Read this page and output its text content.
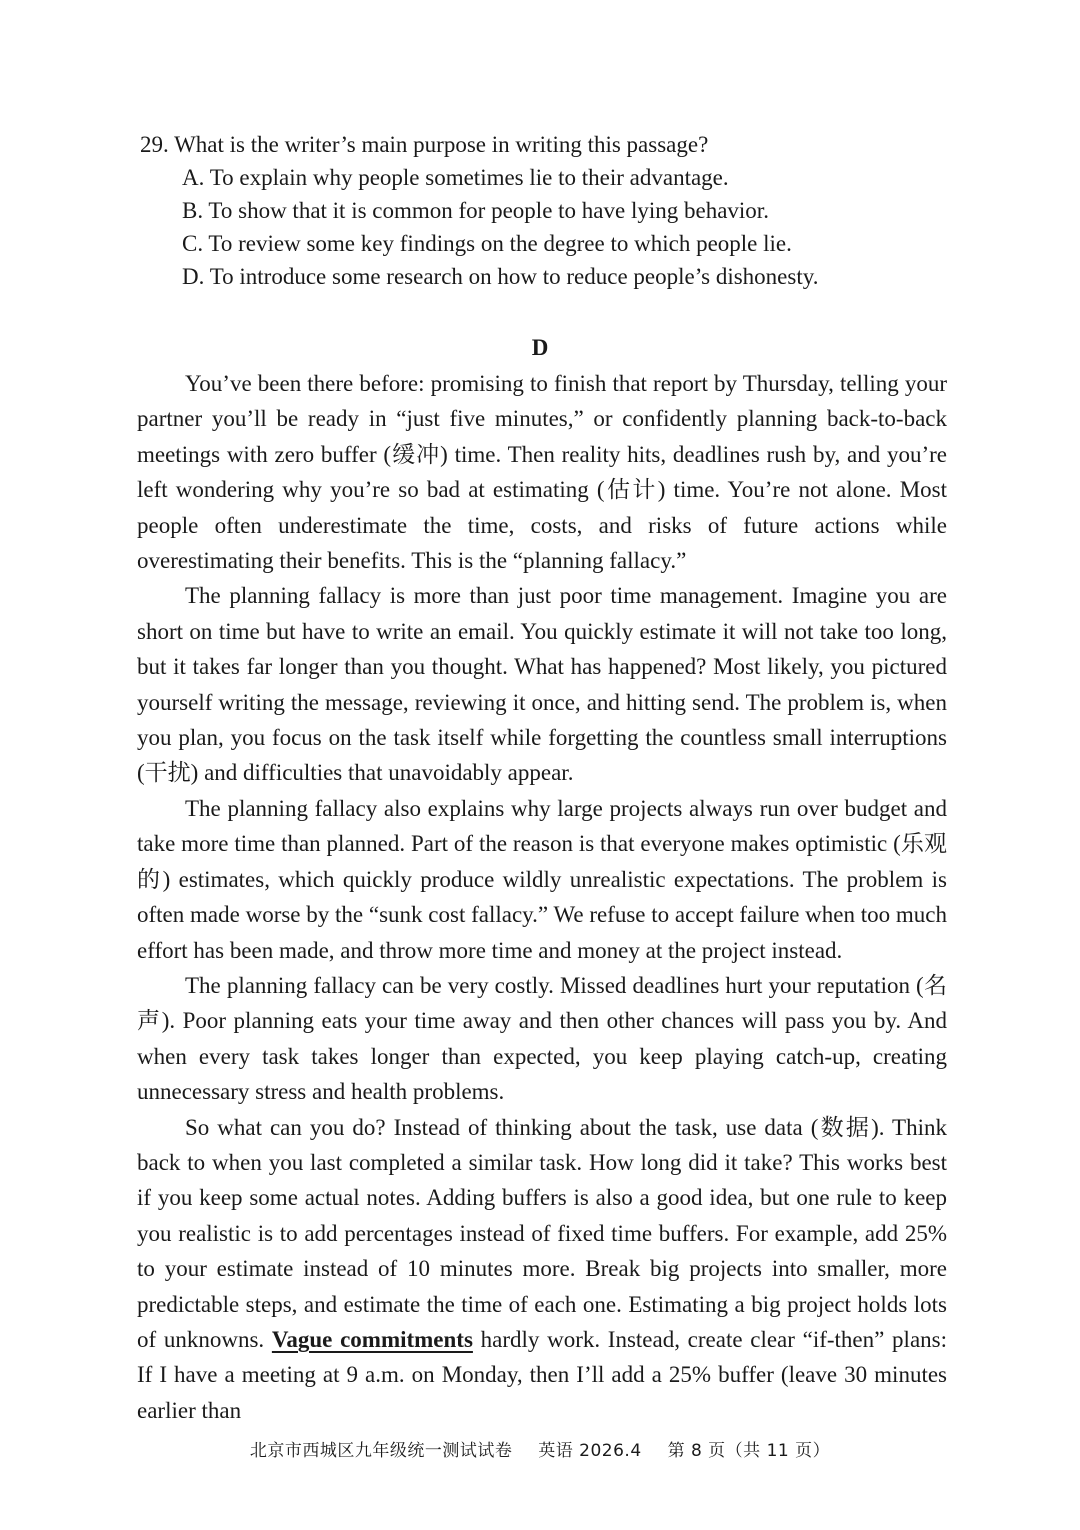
29. What is the writer’s main purpose in writing this passage?

A. To explain why people sometimes lie to their advantage.

B. To show that it is common for people to have lying behavior.

C. To review some key findings on the degree to which people lie.

D. To introduce some research on how to reduce people’s dishonesty.

D

You’ve been there before: promising to finish that report by Thursday, telling your partner you’ll be ready in “just five minutes,” or confidently planning back-to-back meetings with zero buffer (缓冲) time. Then reality hits, deadlines rush by, and you’re left wondering why you’re so bad at estimating (估计) time. You’re not alone. Most people often underestimate the time, costs, and risks of future actions while overestimating their benefits. This is the “planning fallacy.”

The planning fallacy is more than just poor time management. Imagine you are short on time but have to write an email. You quickly estimate it will not take too long, but it takes far longer than you thought. What has happened? Most likely, you pictured yourself writing the message, reviewing it once, and hitting send. The problem is, when you plan, you focus on the task itself while forgetting the countless small interruptions (干扰) and difficulties that unavoidably appear.

The planning fallacy also explains why large projects always run over budget and take more time than planned. Part of the reason is that everyone makes optimistic (乐观的) estimates, which quickly produce wildly unrealistic expectations. The problem is often made worse by the “sunk cost fallacy.” We refuse to accept failure when too much effort has been made, and throw more time and money at the project instead.

The planning fallacy can be very costly. Missed deadlines hurt your reputation (名声). Poor planning eats your time away and then other chances will pass you by. And when every task takes longer than expected, you keep playing catch-up, creating unnecessary stress and health problems.

So what can you do? Instead of thinking about the task, use data (数据). Think back to when you last completed a similar task. How long did it take? This works best if you keep some actual notes. Adding buffers is also a good idea, but one rule to keep you realistic is to add percentages instead of fixed time buffers. For example, add 25% to your estimate instead of 10 minutes more. Break big projects into smaller, more predictable steps, and estimate the time of each one. Estimating a big project holds lots of unknowns. Vague commitments hardly work. Instead, create clear “if-then” plans: If I have a meeting at 9 a.m. on Monday, then I’ll add a 25% buffer (leave 30 minutes earlier than

北京市西城区九年级统一测试试卷 英语 2026.4 第 8 页（共 11 页）
